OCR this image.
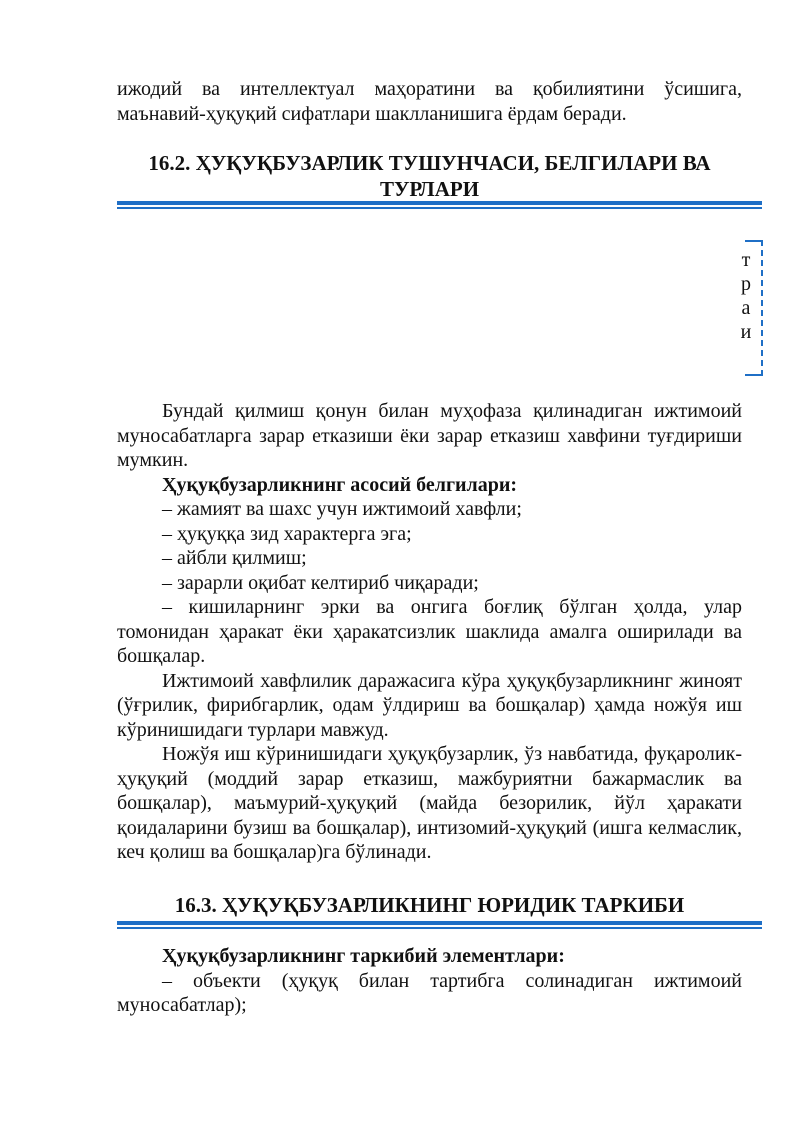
ижодий ва интеллектуал маҳоратини ва қобилиятини ўсишига, маънавий-ҳуқуқий сифатлари шаклланишига ёрдам беради.

16.2. ҲУҚУҚБУЗАРЛИК ТУШУНЧАСИ, БЕЛГИЛАРИ ВА
ТУРЛАРИ

Бундай қилмиш қонун билан муҳофаза қилинадиган ижтимоий муносабатларга зарар етказиши ёки зарар етказиш хавфини туғдириши мумкин.

Ҳуқуқбузарликнинг асосий белгилари:

– жамият ва шахс учун ижтимоий хавфли;

– ҳуқуққа зид характерга эга;

– айбли қилмиш;

– зарарли оқибат келтириб чиқаради;

– кишиларнинг эрки ва онгига боғлиқ бўлган ҳолда, улар томонидан ҳаракат ёки ҳаракатсизлик шаклида амалга оширилади ва бошқалар.

Ижтимоий хавфлилик даражасига кўра ҳуқуқбузарликнинг жиноят (ўғрилик, фирибгарлик, одам ўлдириш ва бошқалар) ҳамда ножўя иш кўринишидаги турлари мавжуд.

Ножўя иш кўринишидаги ҳуқуқбузарлик, ўз навбатида, фуқаролик-ҳуқуқий (моддий зарар етказиш, мажбуриятни бажармаслик ва бошқалар), маъмурий-ҳуқуқий (майда безорилик, йўл ҳаракати қоидаларини бузиш ва бошқалар), интизомий-ҳуқуқий (ишга келмаслик, кеч қолиш ва бошқалар)га бўлинади.

16.3. ҲУҚУҚБУЗАРЛИКНИНГ ЮРИДИК ТАРКИБИ

Ҳуқуқбузарликнинг таркибий элементлари:

– объекти (ҳуқуқ билан тартибга солинадиган ижтимоий муносабатлар);

т
р
а
и
